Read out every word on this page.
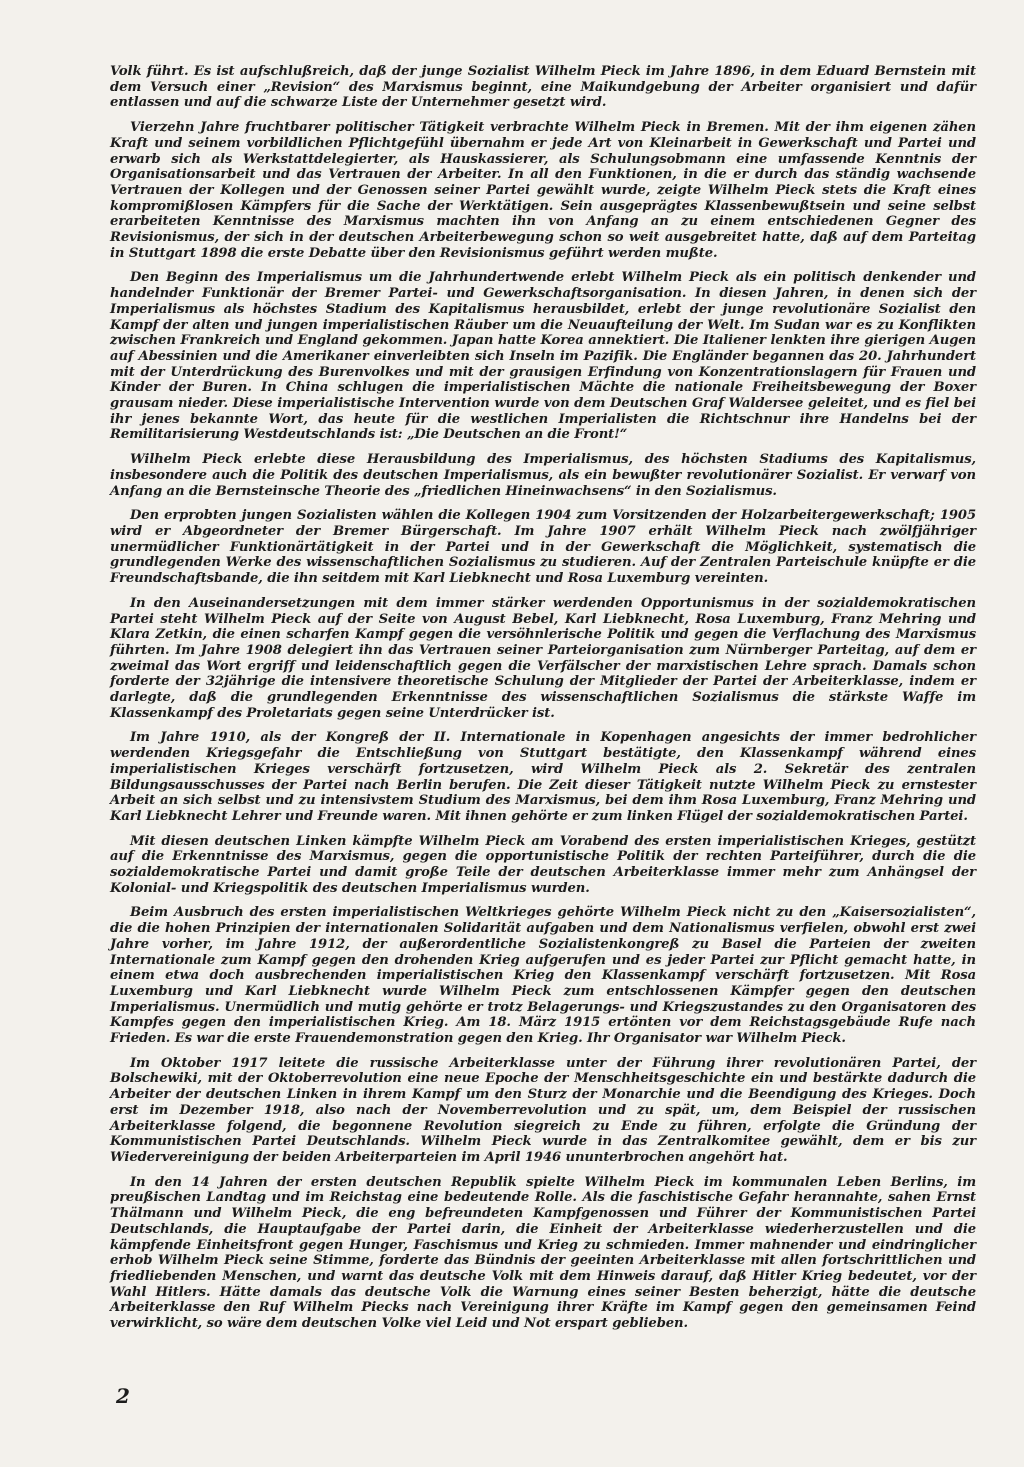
Volk führt. Es ist aufschlußreich, daß der junge Sozialist Wilhelm Pieck im Jahre 1896, in dem Eduard Bernstein mit dem Versuch einer „Revision“ des Marxismus beginnt, eine Maikundgebung der Arbeiter organisiert und dafür entlassen und auf die schwarze Liste der Unternehmer gesetzt wird.

Vierzehn Jahre fruchtbarer politischer Tätigkeit verbrachte Wilhelm Pieck in Bremen. Mit der ihm eigenen zähen Kraft und seinem vorbildlichen Pflichtgefühl übernahm er jede Art von Kleinarbeit in Gewerkschaft und Partei und erwarb sich als Werkstattdelegierter, als Hauskassierer, als Schulungsobmann eine umfassende Kenntnis der Organisationsarbeit und das Vertrauen der Arbeiter. In all den Funktionen, in die er durch das ständig wachsende Vertrauen der Kollegen und der Genossen seiner Partei gewählt wurde, zeigte Wilhelm Pieck stets die Kraft eines kompromißlosen Kämpfers für die Sache der Werktätigen. Sein ausgeprägtes Klassenbewußtsein und seine selbst erarbeiteten Kenntnisse des Marxismus machten ihn von Anfang an zu einem entschiedenen Gegner des Revisionismus, der sich in der deutschen Arbeiterbewegung schon so weit ausgebreitet hatte, daß auf dem Parteitag in Stuttgart 1898 die erste Debatte über den Revisionismus geführt werden mußte.

Den Beginn des Imperialismus um die Jahrhundertwende erlebt Wilhelm Pieck als ein politisch denkender und handelnder Funktionär der Bremer Partei- und Gewerkschaftsorganisation. In diesen Jahren, in denen sich der Imperialismus als höchstes Stadium des Kapitalismus herausbildet, erlebt der junge revolutionäre Sozialist den Kampf der alten und jungen imperialistischen Räuber um die Neuaufteilung der Welt. Im Sudan war es zu Konflikten zwischen Frankreich und England gekommen. Japan hatte Korea annektiert. Die Italiener lenkten ihre gierigen Augen auf Abessinien und die Amerikaner einverleibten sich Inseln im Pazifik. Die Engländer begannen das 20. Jahrhundert mit der Unterdrückung des Burenvolkes und mit der grausigen Erfindung von Konzentrationslagern für Frauen und Kinder der Buren. In China schlugen die imperialistischen Mächte die nationale Freiheitsbewegung der Boxer grausam nieder. Diese imperialistische Intervention wurde von dem Deutschen Graf Waldersee geleitet, und es fiel bei ihr jenes bekannte Wort, das heute für die westlichen Imperialisten die Richtschnur ihre Handelns bei der Remilitarisierung Westdeutschlands ist: „Die Deutschen an die Front!“

Wilhelm Pieck erlebte diese Herausbildung des Imperialismus, des höchsten Stadiums des Kapitalismus, insbesondere auch die Politik des deutschen Imperialismus, als ein bewußter revolutionärer Sozialist. Er verwarf von Anfang an die Bernsteinsche Theorie des „friedlichen Hineinwachsens“ in den Sozialismus.

Den erprobten jungen Sozialisten wählen die Kollegen 1904 zum Vorsitzenden der Holzarbeitergewerkschaft; 1905 wird er Abgeordneter der Bremer Bürgerschaft. Im Jahre 1907 erhält Wilhelm Pieck nach zwölfjähriger unermüdlicher Funktionärtätigkeit in der Partei und in der Gewerkschaft die Möglichkeit, systematisch die grundlegenden Werke des wissenschaftlichen Sozialismus zu studieren. Auf der Zentralen Parteischule knüpfte er die Freundschaftsbande, die ihn seitdem mit Karl Liebknecht und Rosa Luxemburg vereinten.

In den Auseinandersetzungen mit dem immer stärker werdenden Opportunismus in der sozialdemokratischen Partei steht Wilhelm Pieck auf der Seite von August Bebel, Karl Liebknecht, Rosa Luxemburg, Franz Mehring und Klara Zetkin, die einen scharfen Kampf gegen die versöhnlerische Politik und gegen die Verflachung des Marxismus führten. Im Jahre 1908 delegiert ihn das Vertrauen seiner Parteiorganisation zum Nürnberger Parteitag, auf dem er zweimal das Wort ergriff und leidenschaftlich gegen die Verfälscher der marxistischen Lehre sprach. Damals schon forderte der 32jährige die intensivere theoretische Schulung der Mitglieder der Partei der Arbeiterklasse, indem er darlegte, daß die grundlegenden Erkenntnisse des wissenschaftlichen Sozialismus die stärkste Waffe im Klassenkampf des Proletariats gegen seine Unterdrücker ist.

Im Jahre 1910, als der Kongreß der II. Internationale in Kopenhagen angesichts der immer bedrohlicher werdenden Kriegsgefahr die Entschließung von Stuttgart bestätigte, den Klassenkampf während eines imperialistischen Krieges verschärft fortzusetzen, wird Wilhelm Pieck als 2. Sekretär des zentralen Bildungsausschusses der Partei nach Berlin berufen. Die Zeit dieser Tätigkeit nutzte Wilhelm Pieck zu ernstester Arbeit an sich selbst und zu intensivstem Studium des Marxismus, bei dem ihm Rosa Luxemburg, Franz Mehring und Karl Liebknecht Lehrer und Freunde waren. Mit ihnen gehörte er zum linken Flügel der sozialdemokratischen Partei.

Mit diesen deutschen Linken kämpfte Wilhelm Pieck am Vorabend des ersten imperialistischen Krieges, gestützt auf die Erkenntnisse des Marxismus, gegen die opportunistische Politik der rechten Parteiführer, durch die die sozialdemokratische Partei und damit große Teile der deutschen Arbeiterklasse immer mehr zum Anhängsel der Kolonial- und Kriegspolitik des deutschen Imperialismus wurden.

Beim Ausbruch des ersten imperialistischen Weltkrieges gehörte Wilhelm Pieck nicht zu den „Kaisersozialisten“, die die hohen Prinzipien der internationalen Solidarität aufgaben und dem Nationalismus verfielen, obwohl erst zwei Jahre vorher, im Jahre 1912, der außerordentliche Sozialistenkongreß zu Basel die Parteien der zweiten Internationale zum Kampf gegen den drohenden Krieg aufgerufen und es jeder Partei zur Pflicht gemacht hatte, in einem etwa doch ausbrechenden imperialistischen Krieg den Klassenkampf verschärft fortzusetzen. Mit Rosa Luxemburg und Karl Liebknecht wurde Wilhelm Pieck zum entschlossenen Kämpfer gegen den deutschen Imperialismus. Unermüdlich und mutig gehörte er trotz Belagerungs- und Kriegszustandes zu den Organisatoren des Kampfes gegen den imperialistischen Krieg. Am 18. März 1915 ertönten vor dem Reichstagsgebäude Rufe nach Frieden. Es war die erste Frauendemonstration gegen den Krieg. Ihr Organisator war Wilhelm Pieck.

Im Oktober 1917 leitete die russische Arbeiterklasse unter der Führung ihrer revolutionären Partei, der Bolschewiki, mit der Oktoberrevolution eine neue Epoche der Menschheitsgeschichte ein und bestärkte dadurch die Arbeiter der deutschen Linken in ihrem Kampf um den Sturz der Monarchie und die Beendigung des Krieges. Doch erst im Dezember 1918, also nach der Novemberrevolution und zu spät, um, dem Beispiel der russischen Arbeiterklasse folgend, die begonnene Revolution siegreich zu Ende zu führen, erfolgte die Gründung der Kommunistischen Partei Deutschlands. Wilhelm Pieck wurde in das Zentralkomitee gewählt, dem er bis zur Wiedervereinigung der beiden Arbeiterparteien im April 1946 ununterbrochen angehört hat.

In den 14 Jahren der ersten deutschen Republik spielte Wilhelm Pieck im kommunalen Leben Berlins, im preußischen Landtag und im Reichstag eine bedeutende Rolle. Als die faschistische Gefahr herannahte, sahen Ernst Thälmann und Wilhelm Pieck, die eng befreundeten Kampfgenossen und Führer der Kommunistischen Partei Deutschlands, die Hauptaufgabe der Partei darin, die Einheit der Arbeiterklasse wiederherzustellen und die kämpfende Einheitsfront gegen Hunger, Faschismus und Krieg zu schmieden. Immer mahnender und eindringlicher erhob Wilhelm Pieck seine Stimme, forderte das Bündnis der geeinten Arbeiterklasse mit allen fortschrittlichen und friedliebenden Menschen, und warnt das deutsche Volk mit dem Hinweis darauf, daß Hitler Krieg bedeutet, vor der Wahl Hitlers. Hätte damals das deutsche Volk die Warnung eines seiner Besten beherzigt, hätte die deutsche Arbeiterklasse den Ruf Wilhelm Piecks nach Vereinigung ihrer Kräfte im Kampf gegen den gemeinsamen Feind verwirklicht, so wäre dem deutschen Volke viel Leid und Not erspart geblieben.

2
